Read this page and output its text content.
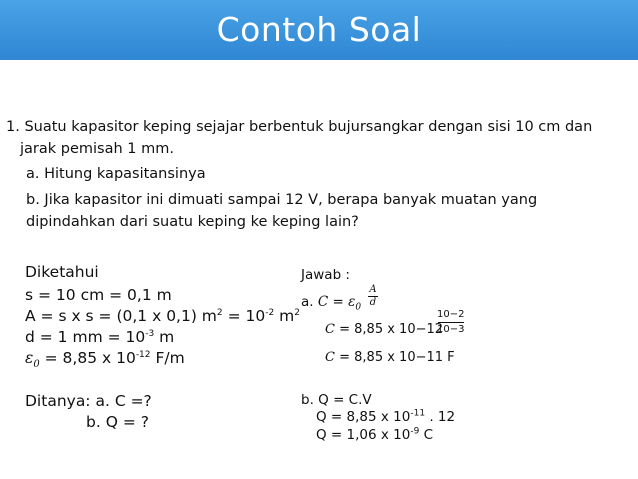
Contoh Soal
1. Suatu kapasitor keping sejajar berbentuk bujursangkar dengan sisi 10 cm dan
jarak pemisah 1 mm.
a. Hitung kapasitansinya
b. Jika kapasitor ini dimuati sampai 12 V, berapa banyak muatan yang
dipindahkan dari suatu keping ke keping lain?
Diketahui
s = 10 cm = 0,1 m
A = s x s = (0,1 x 0,1) $m^2 = 10^{-2}$ $m^2$
d = 1 mm = $10^{-3}$ m
$\varepsilon_0 = 8,85$ x $10^{-12}$ F/m
Ditanya: a. C =?
b. Q = ?
Jawab :
a. $C = \varepsilon_0$
A
d
C = 8,85 x 10−12
10−2
10−3
C = 8,85 x 10−11 F
b. Q = C.V
Q = 8,85 x $10^{-11}$ . 12
Q = 1,06 x $10^{-9}$ C
